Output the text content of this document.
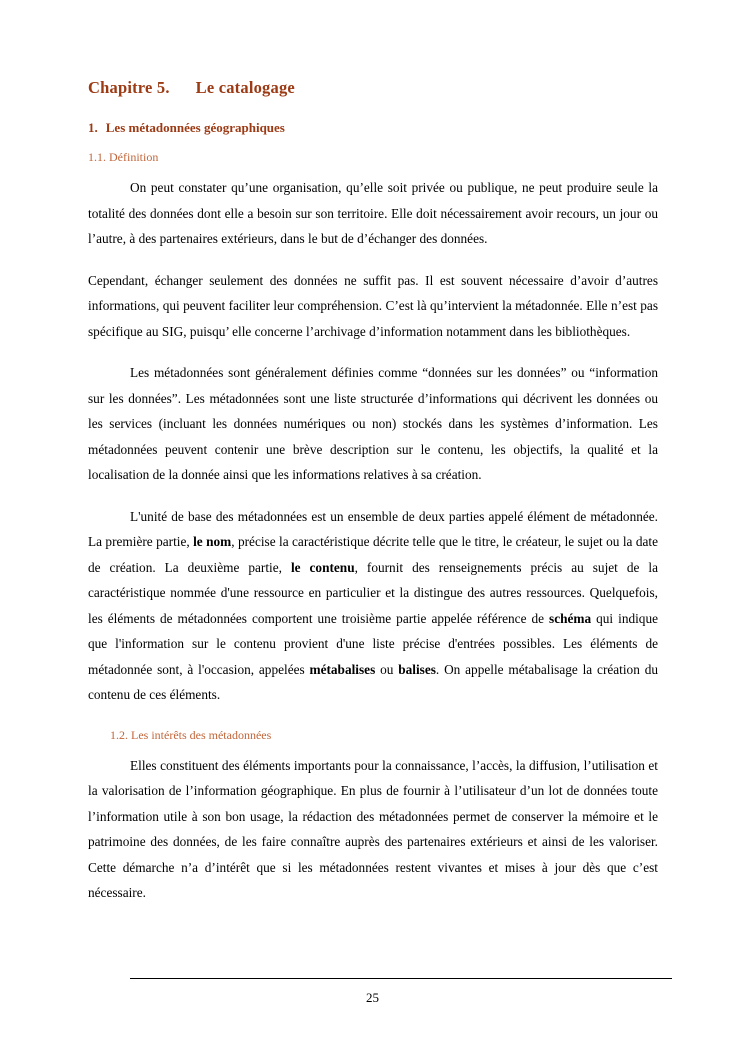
Chapitre 5. Le catalogage
1. Les métadonnées géographiques
1.1. Définition

On peut constater qu’une organisation, qu’elle soit privée ou publique, ne peut produire seule la totalité des données dont elle a besoin sur son territoire. Elle doit nécessairement avoir recours, un jour ou l’autre, à des partenaires extérieurs, dans le but de d’échanger des données.

Cependant, échanger seulement des données ne suffit pas. Il est souvent nécessaire d’avoir d’autres informations, qui peuvent faciliter leur compréhension. C’est là qu’intervient la métadonnée. Elle n’est pas spécifique au SIG, puisqu’ elle concerne l’archivage d’information notamment dans les bibliothèques.

Les métadonnées sont généralement définies comme “données sur les données” ou “information sur les données”. Les métadonnées sont une liste structurée d’informations qui décrivent les données ou les services (incluant les données numériques ou non) stockés dans les systèmes d’information. Les métadonnées peuvent contenir une brève description sur le contenu, les objectifs, la qualité et la localisation de la donnée ainsi que les informations relatives à sa création.

L'unité de base des métadonnées est un ensemble de deux parties appelé élément de métadonnée. La première partie, le nom, précise la caractéristique décrite telle que le titre, le créateur, le sujet ou la date de création. La deuxième partie, le contenu, fournit des renseignements précis au sujet de la caractéristique nommée d'une ressource en particulier et la distingue des autres ressources. Quelquefois, les éléments de métadonnées comportent une troisième partie appelée référence de schéma qui indique que l'information sur le contenu provient d'une liste précise d'entrées possibles. Les éléments de métadonnée sont, à l'occasion, appelées métabalises ou balises. On appelle métabalisage la création du contenu de ces éléments.

1.2. Les intérêts des métadonnées

Elles constituent des éléments importants pour la connaissance, l’accès, la diffusion, l’utilisation et la valorisation de l’information géographique. En plus de fournir à l’utilisateur d’un lot de données toute l’information utile à son bon usage, la rédaction des métadonnées permet de conserver la mémoire et le patrimoine des données, de les faire connaître auprès des partenaires extérieurs et ainsi de les valoriser. Cette démarche n’a d’intérêt que si les métadonnées restent vivantes et mises à jour dès que c’est nécessaire.

25
